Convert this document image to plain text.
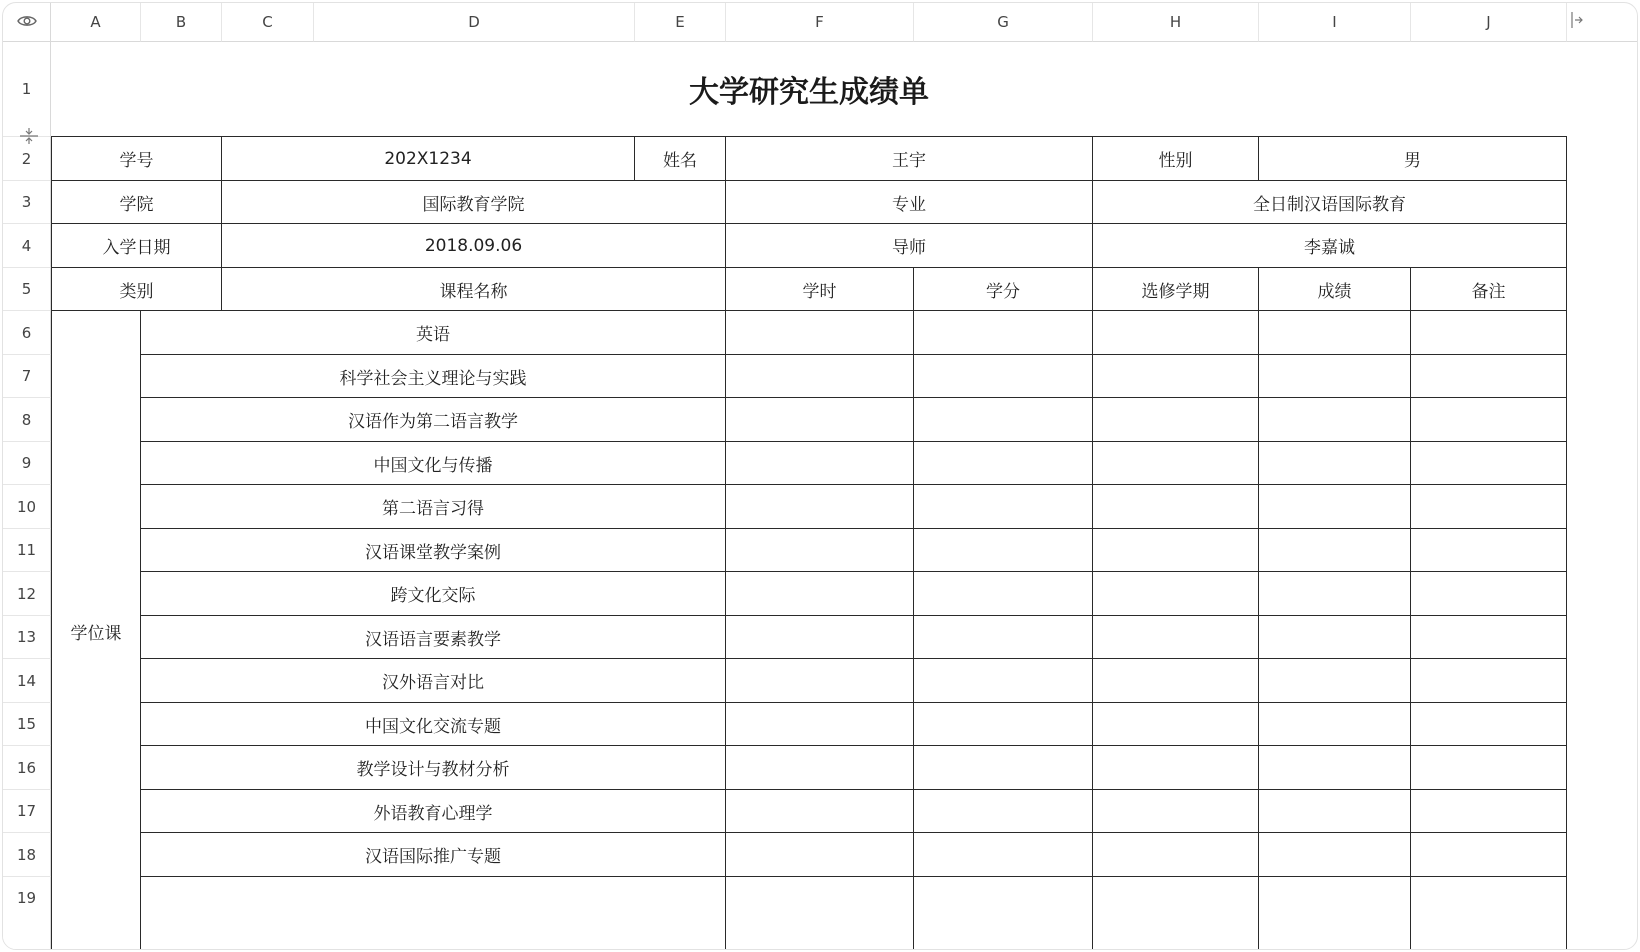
A	B	C	D	E	F	G	H	I	J
1
2
3
4
5
6
7
8
9
10
11
12
13
14
15
16
17
18
19
大学研究生成绩单
学号	202X1234	姓名	王宇	性别	男
学院	国际教育学院	专业	全日制汉语国际教育
入学日期	2018.09.06	导师	李嘉诚
类别	课程名称	学时	学分	选修学期	成绩	备注
学位课
英语
科学社会主义理论与实践
汉语作为第二语言教学
中国文化与传播
第二语言习得
汉语课堂教学案例
跨文化交际
汉语语言要素教学
汉外语言对比
中国文化交流专题
教学设计与教材分析
外语教育心理学
汉语国际推广专题
